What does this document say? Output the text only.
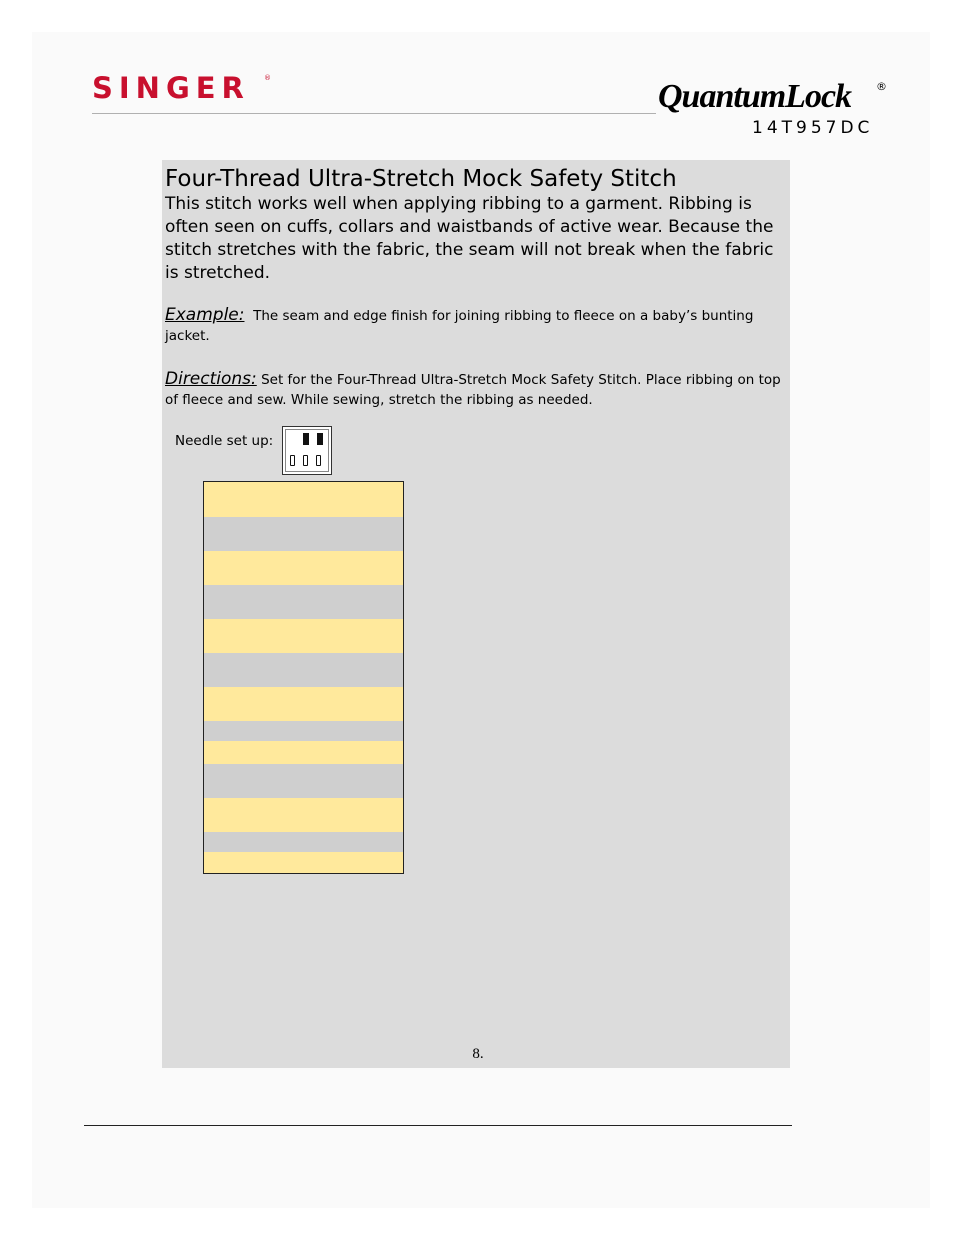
SINGER ®	QuantumLock ®
14T957DC
Four-Thread Ultra-Stretch Mock Safety Stitch

This stitch works well when applying ribbing to a garment. Ribbing is often seen on cuffs, collars and waistbands of active wear. Because the stitch stretches with the fabric, the seam will not break when the fabric is stretched.

Example: The seam and edge finish for joining ribbing to fleece on a baby’s bunting jacket.

Directions: Set for the Four-Thread Ultra-Stretch Mock Safety Stitch. Place ribbing on top of fleece and sew. While sewing, stretch the ribbing as needed.

Needle set up:
8.
